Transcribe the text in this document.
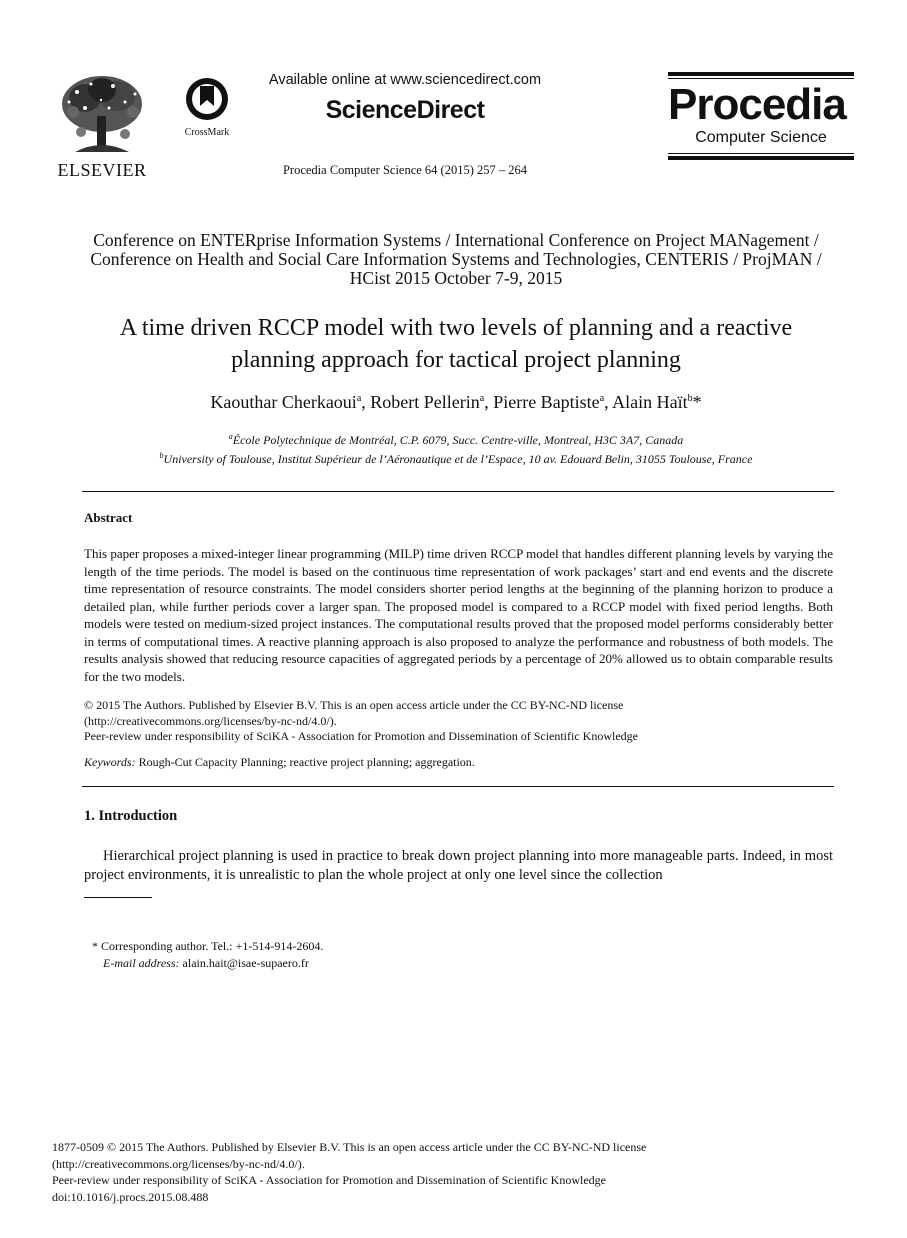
ELSEVIER
CrossMark
Available online at www.sciencedirect.com
ScienceDirect
Procedia Computer Science 64 (2015) 257 – 264
Procedia
Computer Science
Conference on ENTERprise Information Systems / International Conference on Project MANagement / Conference on Health and Social Care Information Systems and Technologies, CENTERIS / ProjMAN / HCist 2015 October 7-9, 2015
A time driven RCCP model with two levels of planning and a reactive planning approach for tactical project planning
Kaouthar Cherkaoui$^a$, Robert Pellerin$^a$, Pierre Baptiste$^a$, Alain Haït$^b$*
$^a$École Polytechnique de Montréal, C.P. 6079, Succ. Centre-ville, Montreal, H3C 3A7, Canada
$^b$University of Toulouse, Institut Supérieur de l’Aéronautique et de l’Espace, 10 av. Edouard Belin, 31055 Toulouse, France
Abstract
This paper proposes a mixed-integer linear programming (MILP) time driven RCCP model that handles different planning levels by varying the length of the time periods. The model is based on the continuous time representation of work packages’ start and end events and the discrete time representation of resource constraints. The model considers shorter period lengths at the beginning of the planning horizon to produce a detailed plan, while further periods cover a larger span. The proposed model is compared to a RCCP model with fixed period lengths. Both models were tested on medium-sized project instances. The computational results proved that the proposed model performs considerably better in terms of computational times. A reactive planning approach is also proposed to analyze the performance and robustness of both models. The results analysis showed that reducing resource capacities of aggregated periods by a percentage of 20% allowed us to obtain comparable results for the two models.
© 2015 The Authors. Published by Elsevier B.V. This is an open access article under the CC BY-NC-ND license
(http://creativecommons.org/licenses/by-nc-nd/4.0/).
Peer-review under responsibility of SciKA - Association for Promotion and Dissemination of Scientific Knowledge
Keywords: Rough-Cut Capacity Planning; reactive project planning; aggregation.
1. Introduction
Hierarchical project planning is used in practice to break down project planning into more manageable parts. Indeed, in most project environments, it is unrealistic to plan the whole project at only one level since the collection
* Corresponding author. Tel.: +1-514-914-2604.
E-mail address: alain.hait@isae-supaero.fr
1877-0509 © 2015 The Authors. Published by Elsevier B.V. This is an open access article under the CC BY-NC-ND license
(http://creativecommons.org/licenses/by-nc-nd/4.0/).
Peer-review under responsibility of SciKA - Association for Promotion and Dissemination of Scientific Knowledge
doi:10.1016/j.procs.2015.08.488
